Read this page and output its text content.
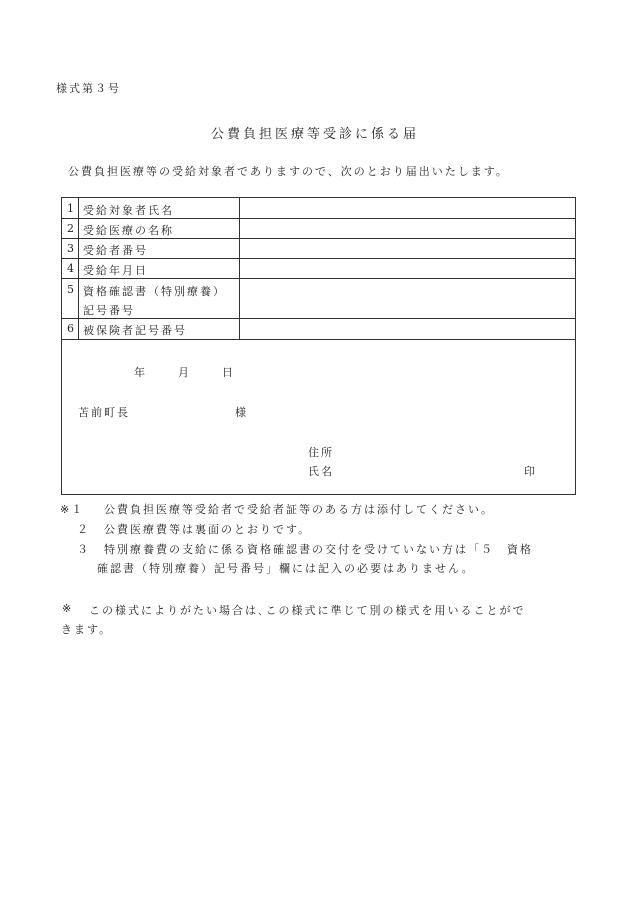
様式第３号
公費負担医療等受診に係る届
公費負担医療等の受給対象者でありますので、次のとおり届出いたします。
1 受給対象者氏名
2 受給医療の名称
3 受給者番号
4 受給年月日
5 資格確認書（特別療養）
記号番号
6 被保険者記号番号
年	月	日
苫前町長	様
住所
氏名	印
※１ 公費負担医療等受給者で受給者証等のある方は添付してください。
２ 公費医療費等は裏面のとおりです。
３ 特別療養費の支給に係る資格確認書の交付を受けていない方は「５　資格
確認書（特別療養）記号番号」欄には記入の必要はありません。
※ この様式によりがたい場合は､この様式に準じて別の様式を用いることがで
きます。
